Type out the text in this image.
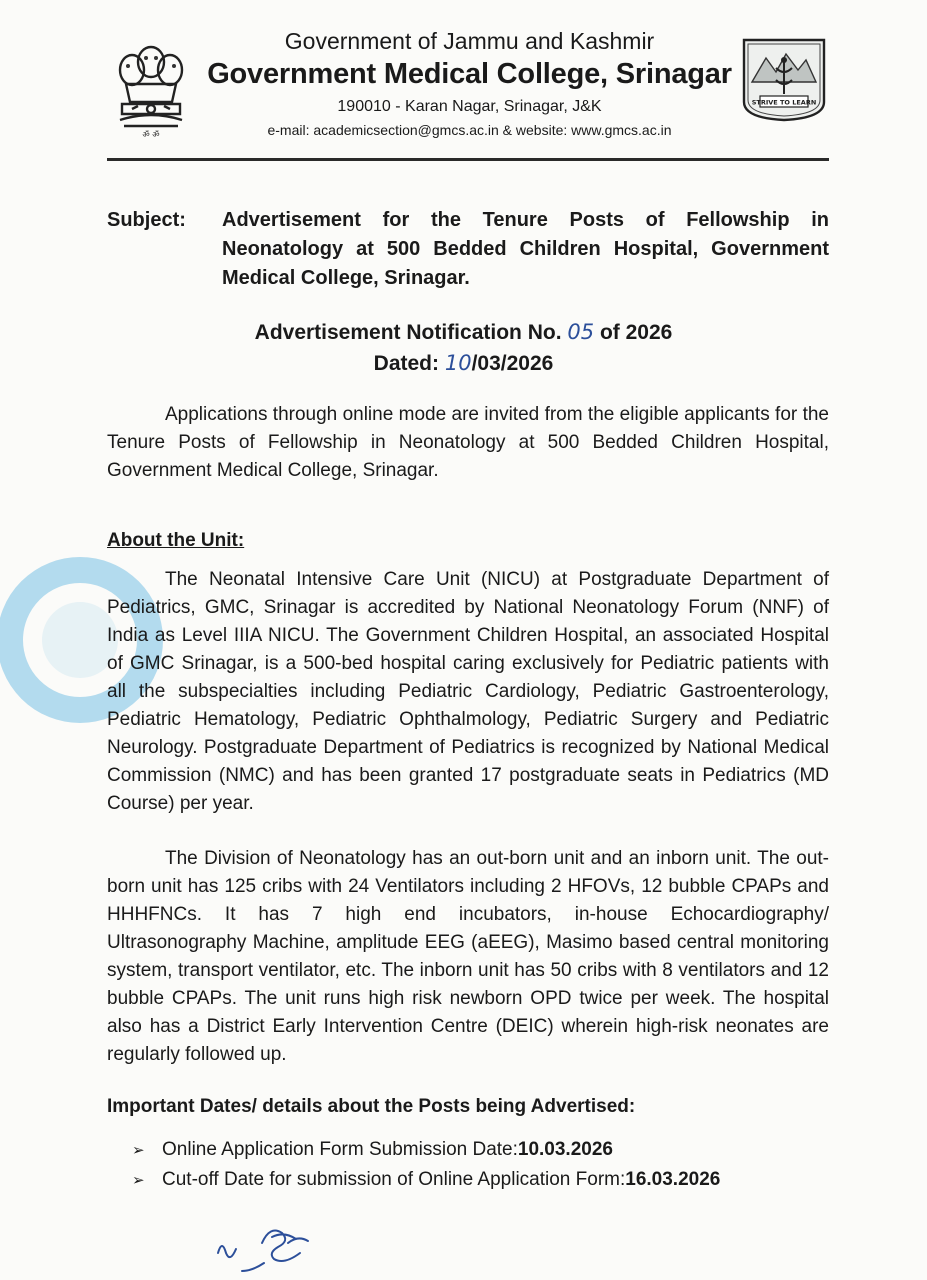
ॐ ॐ
Government of Jammu and Kashmir
Government Medical College, Srinagar
190010 - Karan Nagar, Srinagar, J&K
e-mail: academicsection@gmcs.ac.in & website: www.gmcs.ac.in
STRIVE TO LEARN
Subject: Advertisement for the Tenure Posts of Fellowship in Neonatology at 500 Bedded Children Hospital, Government Medical College, Srinagar.
Advertisement Notification No. 05 of 2026
Dated: 10/03/2026

Applications through online mode are invited from the eligible applicants for the Tenure Posts of Fellowship in Neonatology at 500 Bedded Children Hospital, Government Medical College, Srinagar.

About the Unit:

The Neonatal Intensive Care Unit (NICU) at Postgraduate Department of Pediatrics, GMC, Srinagar is accredited by National Neonatology Forum (NNF) of India as Level IIIA NICU. The Government Children Hospital, an associated Hospital of GMC Srinagar, is a 500-bed hospital caring exclusively for Pediatric patients with all the subspecialties including Pediatric Cardiology, Pediatric Gastroenterology, Pediatric Hematology, Pediatric Ophthalmology, Pediatric Surgery and Pediatric Neurology. Postgraduate Department of Pediatrics is recognized by National Medical Commission (NMC) and has been granted 17 postgraduate seats in Pediatrics (MD Course) per year.

The Division of Neonatology has an out-born unit and an inborn unit. The out- born unit has 125 cribs with 24 Ventilators including 2 HFOVs, 12 bubble CPAPs and HHHFNCs. It has 7 high end incubators, in-house Echocardiography/ Ultrasonography Machine, amplitude EEG (aEEG), Masimo based central monitoring system, transport ventilator, etc. The inborn unit has 50 cribs with 8 ventilators and 12 bubble CPAPs. The unit runs high risk newborn OPD twice per week. The hospital also has a District Early Intervention Centre (DEIC) wherein high-risk neonates are regularly followed up.

Important Dates/ details about the Posts being Advertised:
➢ Online Application Form Submission Date: 10.03.2026
➢ Cut-off Date for submission of Online Application Form: 16.03.2026
